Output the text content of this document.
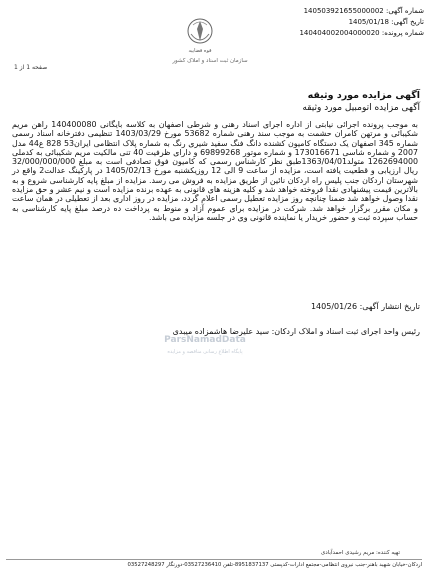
شماره آگهی: 140503921655000002
تاریخ آگهی: 1405/01/18
شماره پرونده: 140404002004000020
قوه قضاییه
سازمان ثبت اسناد و املاک کشور
صفحه 1 از 1
آگهی مزایده مورد وثیقه
آگهی مزایده اتومبیل مورد وثیقه

به موجب پرونده اجرائی نیابتی از اداره اجرای اسناد رهنی و شرطی اصفهان به کلاسه بایگانی 140400080 راهن مریم شکیبائی و مرتهن کامران حشمت به موجب سند رهنی شماره 53682 مورخ 1403/03/29 تنظیمی دفترخانه اسناد رسمی شماره 345 اصفهان یک دستگاه کامیون کشنده دانگ فنگ سفید شیری رنگ به شماره پلاک انتظامی ایران53 828 ع44 مدل 2007 و شماره شاسی 173016671 و شماره موتور 69899268 و دارای ظرفیت 40 تنی مالکیت مریم شکیبائی به کدملی 1262694000 متولد1363/04/01طبق نظر کارشناس رسمی که کامیون فوق تصادفی است به مبلغ 32/000/000/000 ریال ارزیابی و قطعیت یافته است، مزایده از ساعت 9 الی 12 روزیکشنبه مورخ 1405/02/13 در پارکینگ عدالت2 واقع در شهرستان اردکان جنب پلیس راه اردکان نائین از طریق مزایده به فروش می رسد. مزایده از مبلغ پایه کارشناسی شروع و به بالاترین قیمت پیشنهادی نقدا فروخته خواهد شد و کلیه هزینه های قانونی به عهده برنده مزایده است و نیم عشر و حق مزایده نقدا وصول خواهد شد ضمنا چنانچه روز مزایده تعطیل رسمی اعلام گردد، مزایده در روز اداری بعد از تعطیلی در همان ساعت و مکان مقرر برگزار خواهد شد. شرکت در مزایده برای عموم آزاد و منوط به پرداخت ده درصد مبلغ پایه کارشناسی به حساب سپرده ثبت و حضور خریدار یا نماینده قانونی وی در جلسه مزایده می باشد.

تاریخ انتشار آگهی: 1405/01/26
ParsNamadData
پایگاه اطلاع رسانی مناقصه و مزایده
رئیس واحد اجرای ثبت اسناد و املاک اردکان: سید علیرضا هاشمزاده میبدی
تهیه کننده: مریم رشیدی احمدآبادی
اردکان-خیابان شهید باهنر-جنب نیروی انتظامی-مجتمع ادارات-کدپستی 8951837137-تلفن 03527236410-دورنگار 03527248297
